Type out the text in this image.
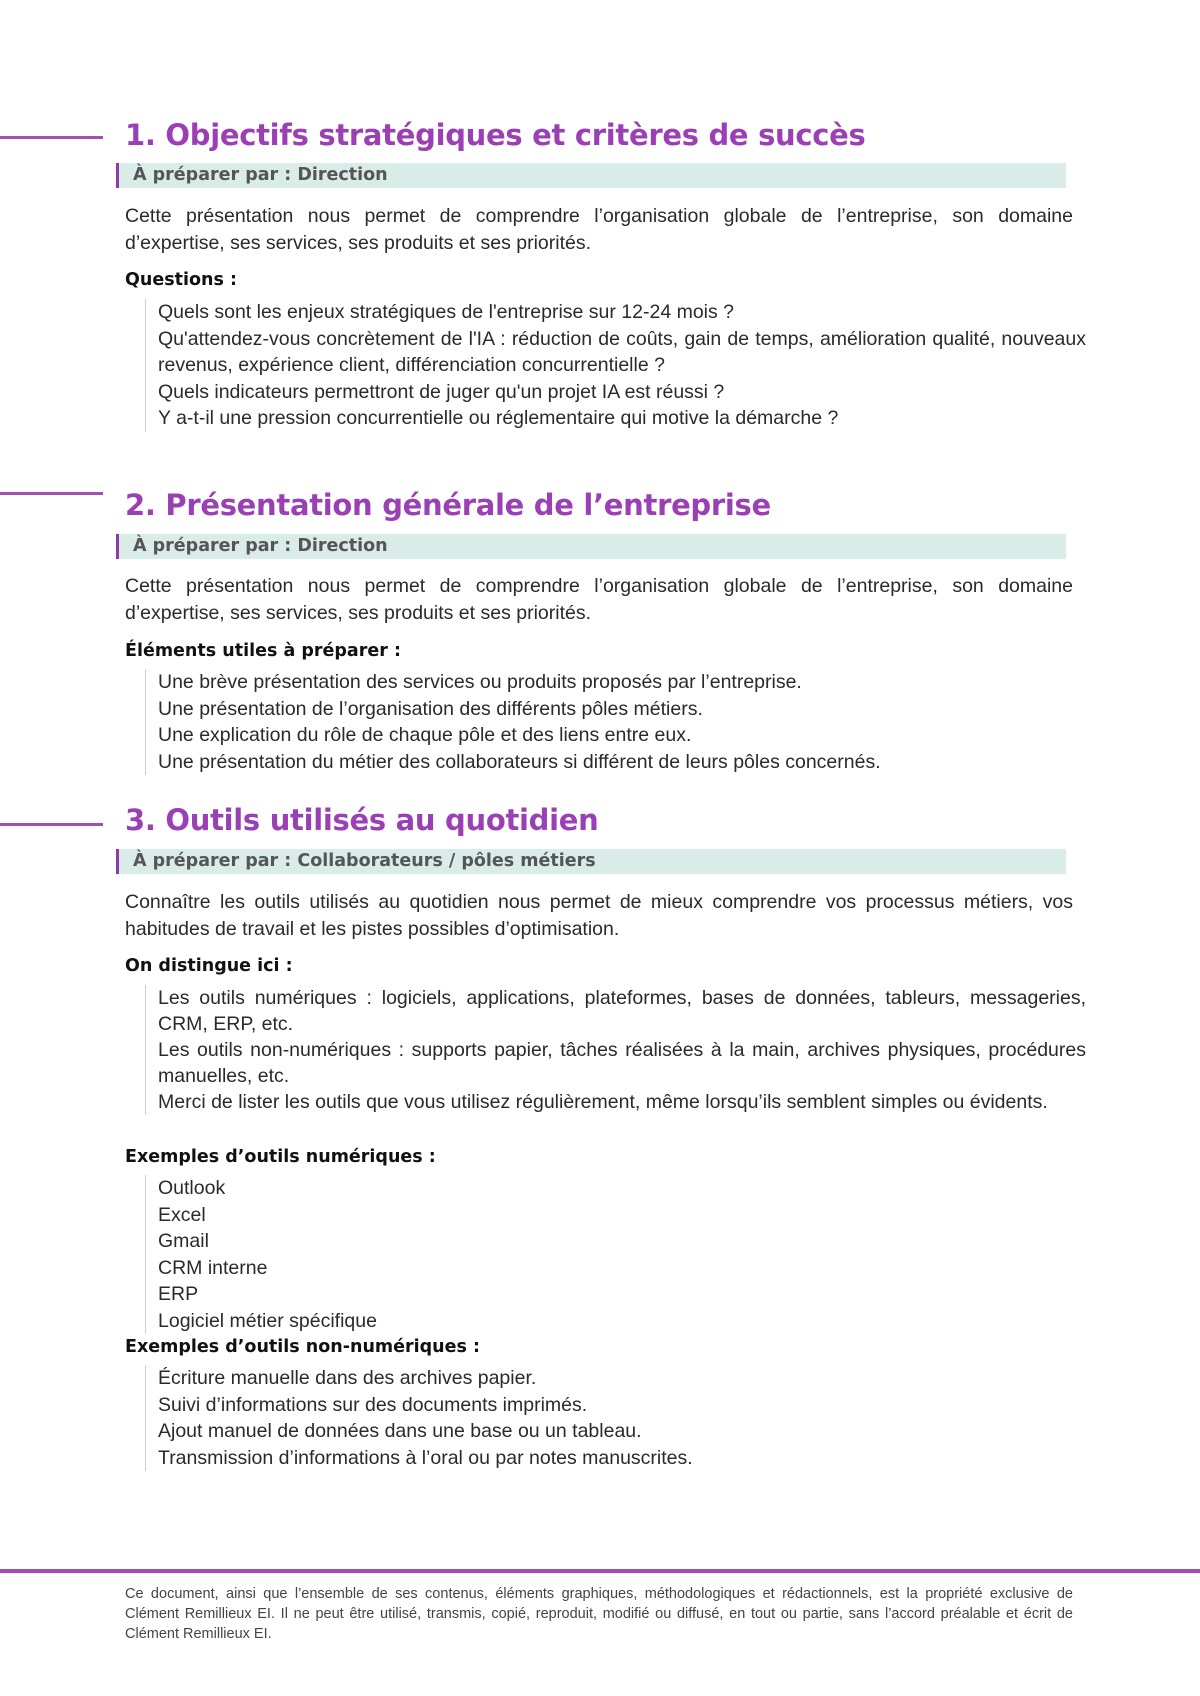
1. Objectifs stratégiques et critères de succès
À préparer par : Direction

Cette présentation nous permet de comprendre l’organisation globale de l’entreprise, son domaine d’expertise, ses services, ses produits et ses priorités.

Questions :

Quels sont les enjeux stratégiques de l'entreprise sur 12-24 mois ?
Qu'attendez-vous concrètement de l'IA : réduction de coûts, gain de temps, amélioration qualité, nouveaux revenus, expérience client, différenciation concurrentielle ?
Quels indicateurs permettront de juger qu'un projet IA est réussi ?
Y a-t-il une pression concurrentielle ou réglementaire qui motive la démarche ?
2. Présentation générale de l’entreprise
À préparer par : Direction

Cette présentation nous permet de comprendre l’organisation globale de l’entreprise, son domaine d’expertise, ses services, ses produits et ses priorités.

Éléments utiles à préparer :

Une brève présentation des services ou produits proposés par l’entreprise.
Une présentation de l’organisation des différents pôles métiers.
Une explication du rôle de chaque pôle et des liens entre eux.
Une présentation du métier des collaborateurs si différent de leurs pôles concernés.
3. Outils utilisés au quotidien
À préparer par : Collaborateurs / pôles métiers

Connaître les outils utilisés au quotidien nous permet de mieux comprendre vos processus métiers, vos habitudes de travail et les pistes possibles d’optimisation.

On distingue ici :

Les outils numériques : logiciels, applications, plateformes, bases de données, tableurs, messageries, CRM, ERP, etc.
Les outils non-numériques : supports papier, tâches réalisées à la main, archives physiques, procédures manuelles, etc.
Merci de lister les outils que vous utilisez régulièrement, même lorsqu’ils semblent simples ou évidents.

Exemples d’outils numériques :

Outlook
Excel
Gmail
CRM interne
ERP
Logiciel métier spécifique

Exemples d’outils non-numériques :

Écriture manuelle dans des archives papier.
Suivi d’informations sur des documents imprimés.
Ajout manuel de données dans une base ou un tableau.
Transmission d’informations à l’oral ou par notes manuscrites.

Ce document, ainsi que l’ensemble de ses contenus, éléments graphiques, méthodologiques et rédactionnels, est la propriété exclusive de Clément Remillieux EI. Il ne peut être utilisé, transmis, copié, reproduit, modifié ou diffusé, en tout ou partie, sans l’accord préalable et écrit de Clément Remillieux EI.
